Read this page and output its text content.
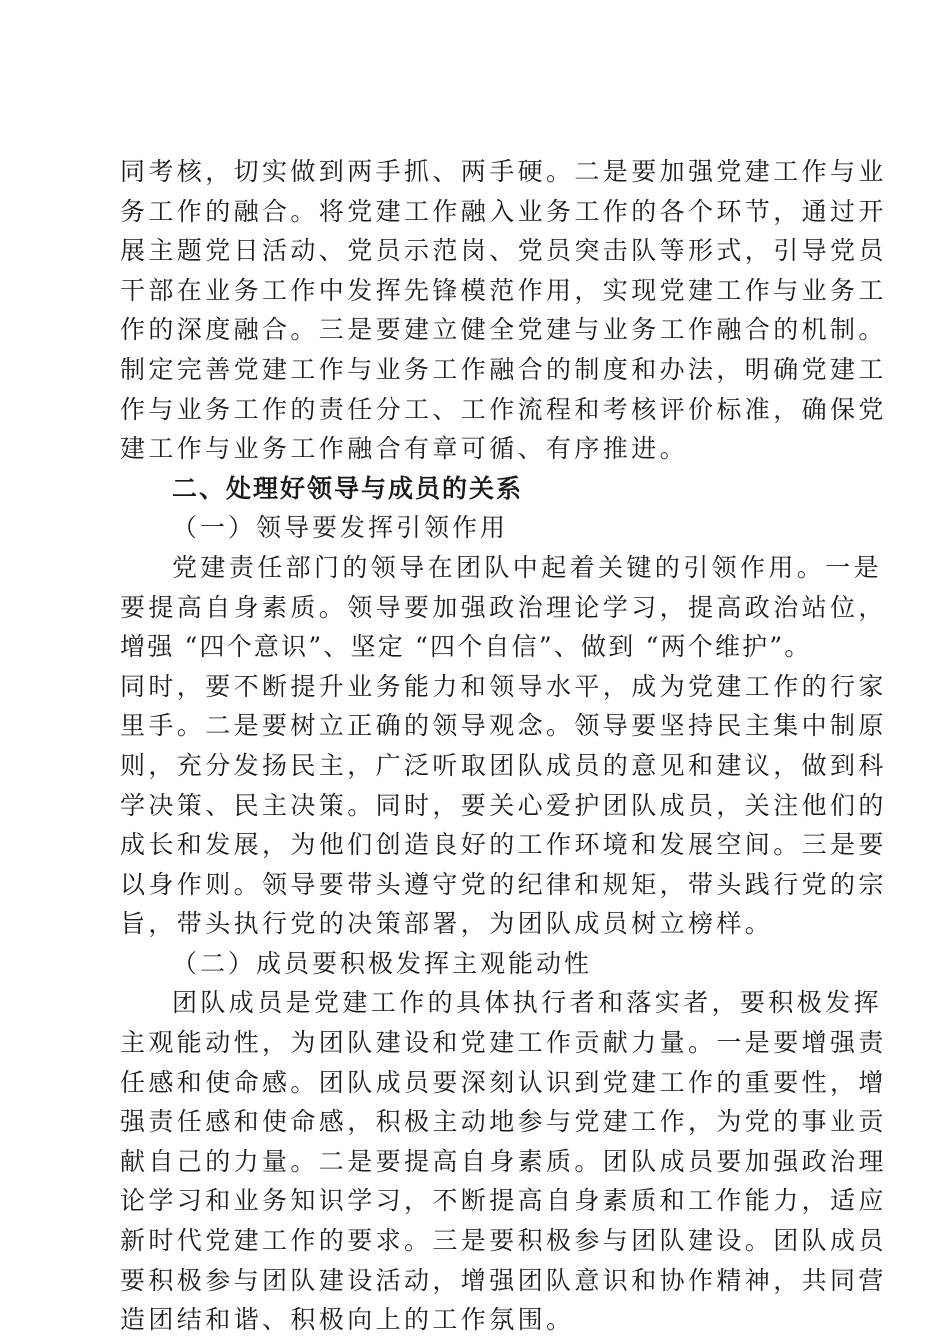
同考核，切实做到两手抓、两手硬。二是要加强党建工作与业
务工作的融合。将党建工作融入业务工作的各个环节，通过开
展主题党日活动、党员示范岗、党员突击队等形式，引导党员
干部在业务工作中发挥先锋模范作用，实现党建工作与业务工
作的深度融合。三是要建立健全党建与业务工作融合的机制。
制定完善党建工作与业务工作融合的制度和办法，明确党建工
作与业务工作的责任分工、工作流程和考核评价标准，确保党
建工作与业务工作融合有章可循、有序推进。
二、处理好领导与成员的关系
（一）领导要发挥引领作用
党建责任部门的领导在团队中起着关键的引领作用。一是
要提高自身素质。领导要加强政治理论学习，提高政治站位，
增强 “四个意识”、坚定 “四个自信”、做到 “两个维护”。
同时，要不断提升业务能力和领导水平，成为党建工作的行家
里手。二是要树立正确的领导观念。领导要坚持民主集中制原
则，充分发扬民主，广泛听取团队成员的意见和建议，做到科
学决策、民主决策。同时，要关心爱护团队成员，关注他们的
成长和发展，为他们创造良好的工作环境和发展空间。三是要
以身作则。领导要带头遵守党的纪律和规矩，带头践行党的宗
旨，带头执行党的决策部署，为团队成员树立榜样。
（二）成员要积极发挥主观能动性
团队成员是党建工作的具体执行者和落实者，要积极发挥
主观能动性，为团队建设和党建工作贡献力量。一是要增强责
任感和使命感。团队成员要深刻认识到党建工作的重要性，增
强责任感和使命感，积极主动地参与党建工作，为党的事业贡
献自己的力量。二是要提高自身素质。团队成员要加强政治理
论学习和业务知识学习，不断提高自身素质和工作能力，适应
新时代党建工作的要求。三是要积极参与团队建设。团队成员
要积极参与团队建设活动，增强团队意识和协作精神，共同营
造团结和谐、积极向上的工作氛围。
